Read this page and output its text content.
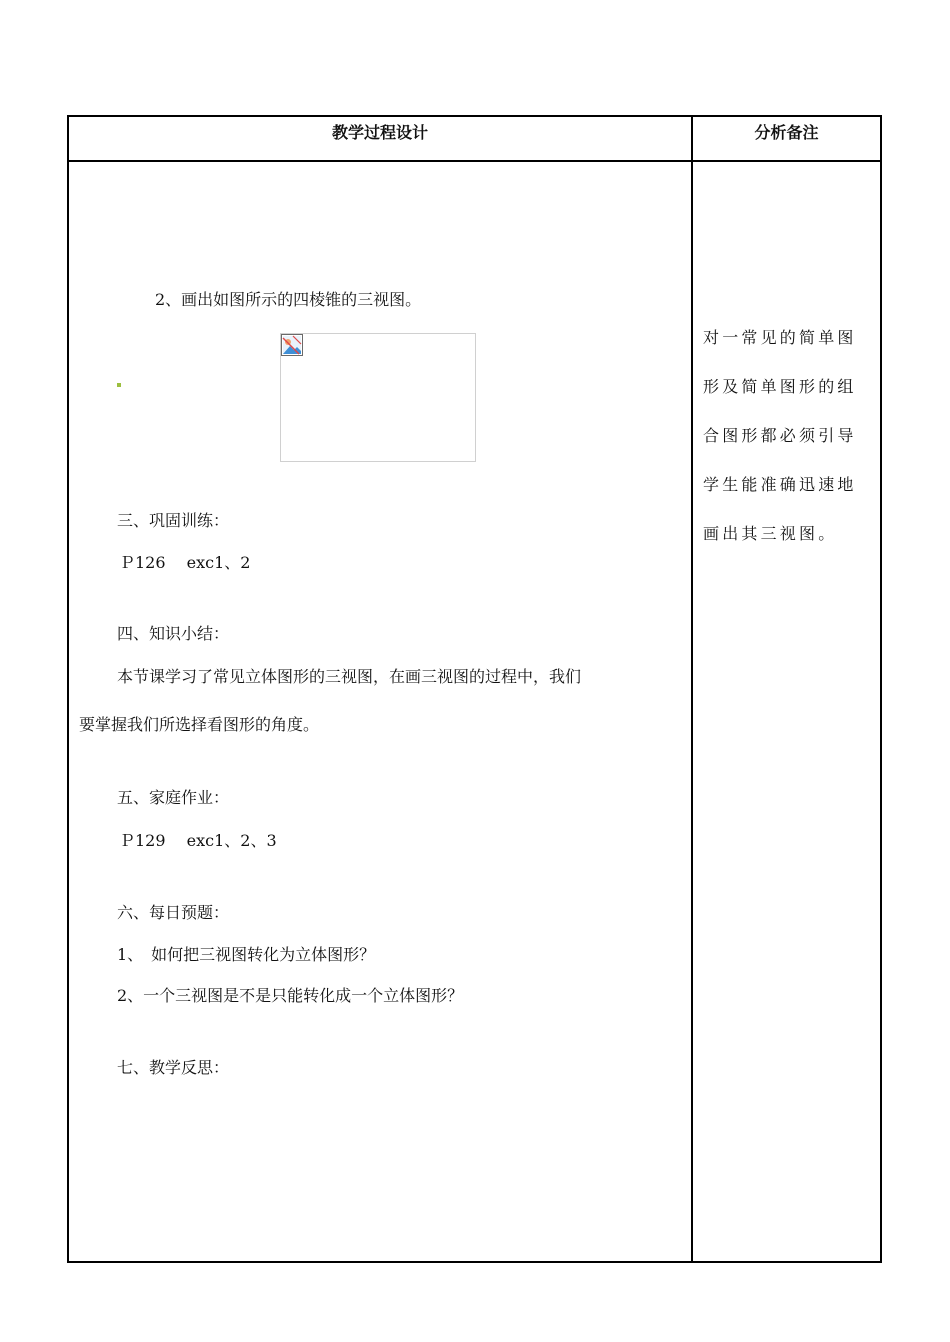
教学过程设计	分析备注
2、画出如图所示的四棱锥的三视图。
三、巩固训练：
Ｐ126　 exc1、2
四、知识小结：
本节课学习了常见立体图形的三视图，在画三视图的过程中，我们
要掌握我们所选择看图形的角度。
五、家庭作业：
Ｐ129　 exc1、2、3
六、每日预题：
1、　如何把三视图转化为立体图形？
2、一个三视图是不是只能转化成一个立体图形？
七、教学反思：
对一常见的简单图形及简单图形的组合图形都必须引导学生能准确迅速地画出其三视图。
